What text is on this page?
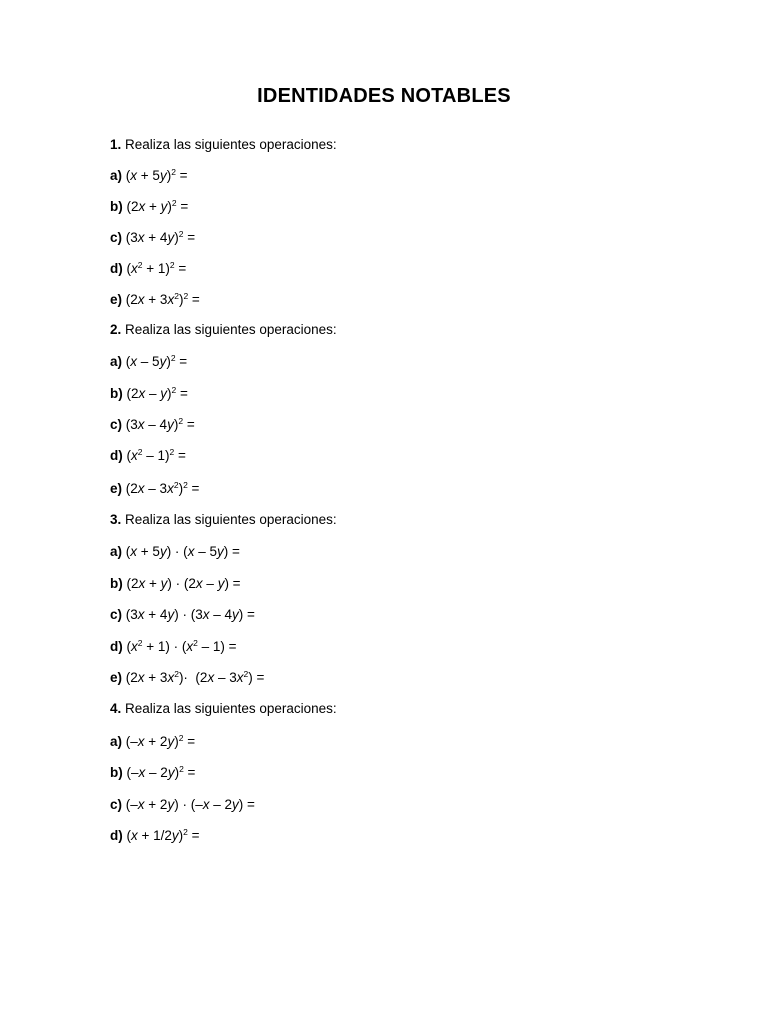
IDENTIDADES NOTABLES
1. Realiza las siguientes operaciones:
a) $(x + 5y)^2$ =
b) $(2x + y)^2$ =
c) $(3x + 4y)^2$ =
d) $(x^2 + 1)^2$ =
e) $(2x + 3x^2)^2$ =
2. Realiza las siguientes operaciones:
a) (x – 5y)$^2$ =
b) (2x – y)$^2$ =
c) (3x – 4y)$^2$ =
d) $(x^2 - 1)^2$ =
e) $(2x - 3x^2)^2$ =
3. Realiza las siguientes operaciones:
a) (x + 5y) · (x – 5y) =
b) (2x + y) · (2x – y) =
c) (3x + 4y) · (3x – 4y) =
d) $(x^2 + 1) \cdot (x^2 - 1)$ =
e) $(2x + 3x^2)\cdot (2x - 3x^2)$ =
4. Realiza las siguientes operaciones:
a) $(-x + 2y)^2$ =
b) (–x – 2y)$^2$ =
c) (–x + 2y) · (–x – 2y) =
d) $(x + 1/2y)^2$ =
